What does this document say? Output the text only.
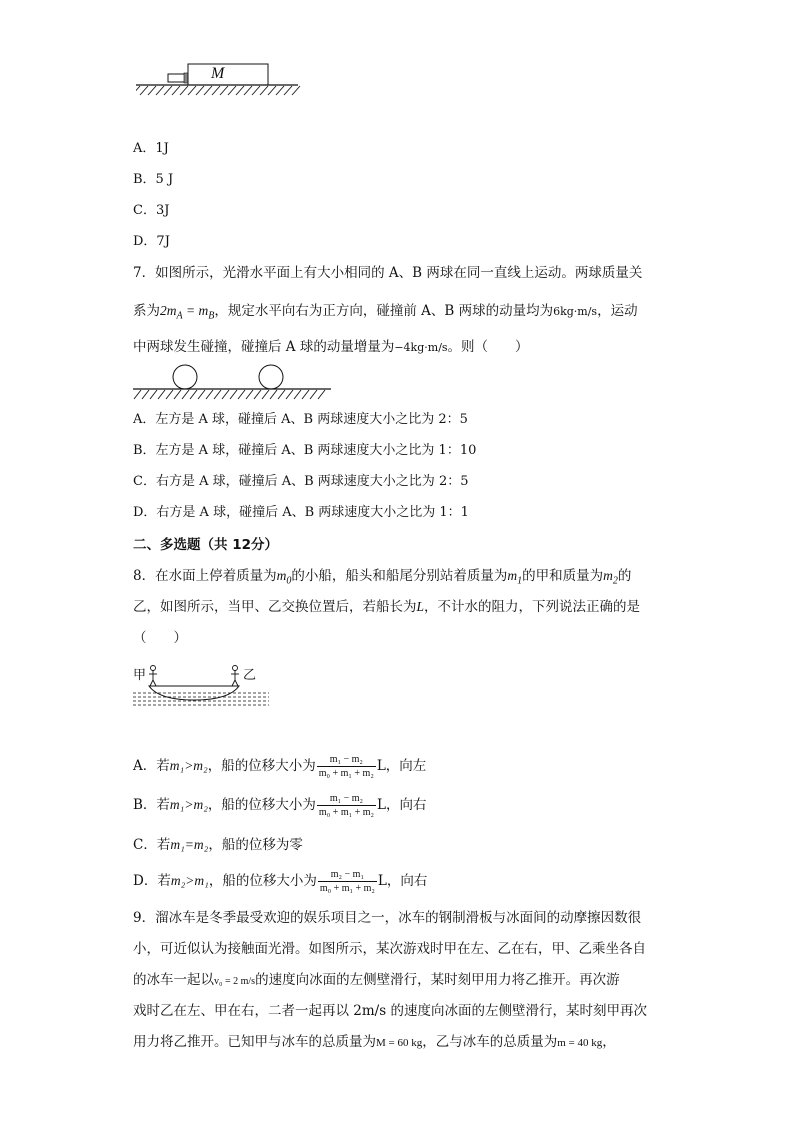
M
A．1J
B．5 J
C．3J
D．7J
7．如图所示，光滑水平面上有大小相同的 A、B 两球在同一直线上运动。两球质量关
系为$2m_A = m_B$，规定水平向右为正方向，碰撞前 A、B 两球的动量均为6kg·m/s，运动
中两球发生碰撞，碰撞后 A 球的动量增量为−4kg·m/s。则（　　）
A．左方是 A 球，碰撞后 A、B 两球速度大小之比为 2：5
B．左方是 A 球，碰撞后 A、B 两球速度大小之比为 1：10
C．右方是 A 球，碰撞后 A、B 两球速度大小之比为 2：5
D．右方是 A 球，碰撞后 A、B 两球速度大小之比为 1：1
二、多选题（共 12分）
8．在水面上停着质量为$m_0$的小船，船头和船尾分别站着质量为$m_1$的甲和质量为$m_2$的
乙，如图所示，当甲、乙交换位置后，若船长为L，不计水的阻力，下列说法正确的是
（　　）
甲	乙
A．若m₁>m₂，船的位移大小为 $\frac{\text{m₁ − m₂}}{\text{m₀ + m₁ + m₂}}$ L，向左
B．若m₁>m₂，船的位移大小为 $\frac{\text{m₁ − m₂}}{\text{m₀ + m₁ + m₂}}$ L，向右
C．若m₁=m₂，船的位移为零
D．若m₂>m₁，船的位移大小为 $\frac{\text{m₂ − m₁}}{\text{m₀ + m₁ + m₂}}$ L，向右
9．溜冰车是冬季最受欢迎的娱乐项目之一，冰车的钢制滑板与冰面间的动摩擦因数很
小，可近似认为接触面光滑。如图所示，某次游戏时甲在左、乙在右，甲、乙乘坐各自
的冰车一起以v₀ = 2 m/s的速度向冰面的左侧壁滑行，某时刻甲用力将乙推开。再次游
戏时乙在左、甲在右，二者一起再以 2m/s 的速度向冰面的左侧壁滑行，某时刻甲再次
用力将乙推开。已知甲与冰车的总质量为M = 60 kg，乙与冰车的总质量为m = 40 kg，
